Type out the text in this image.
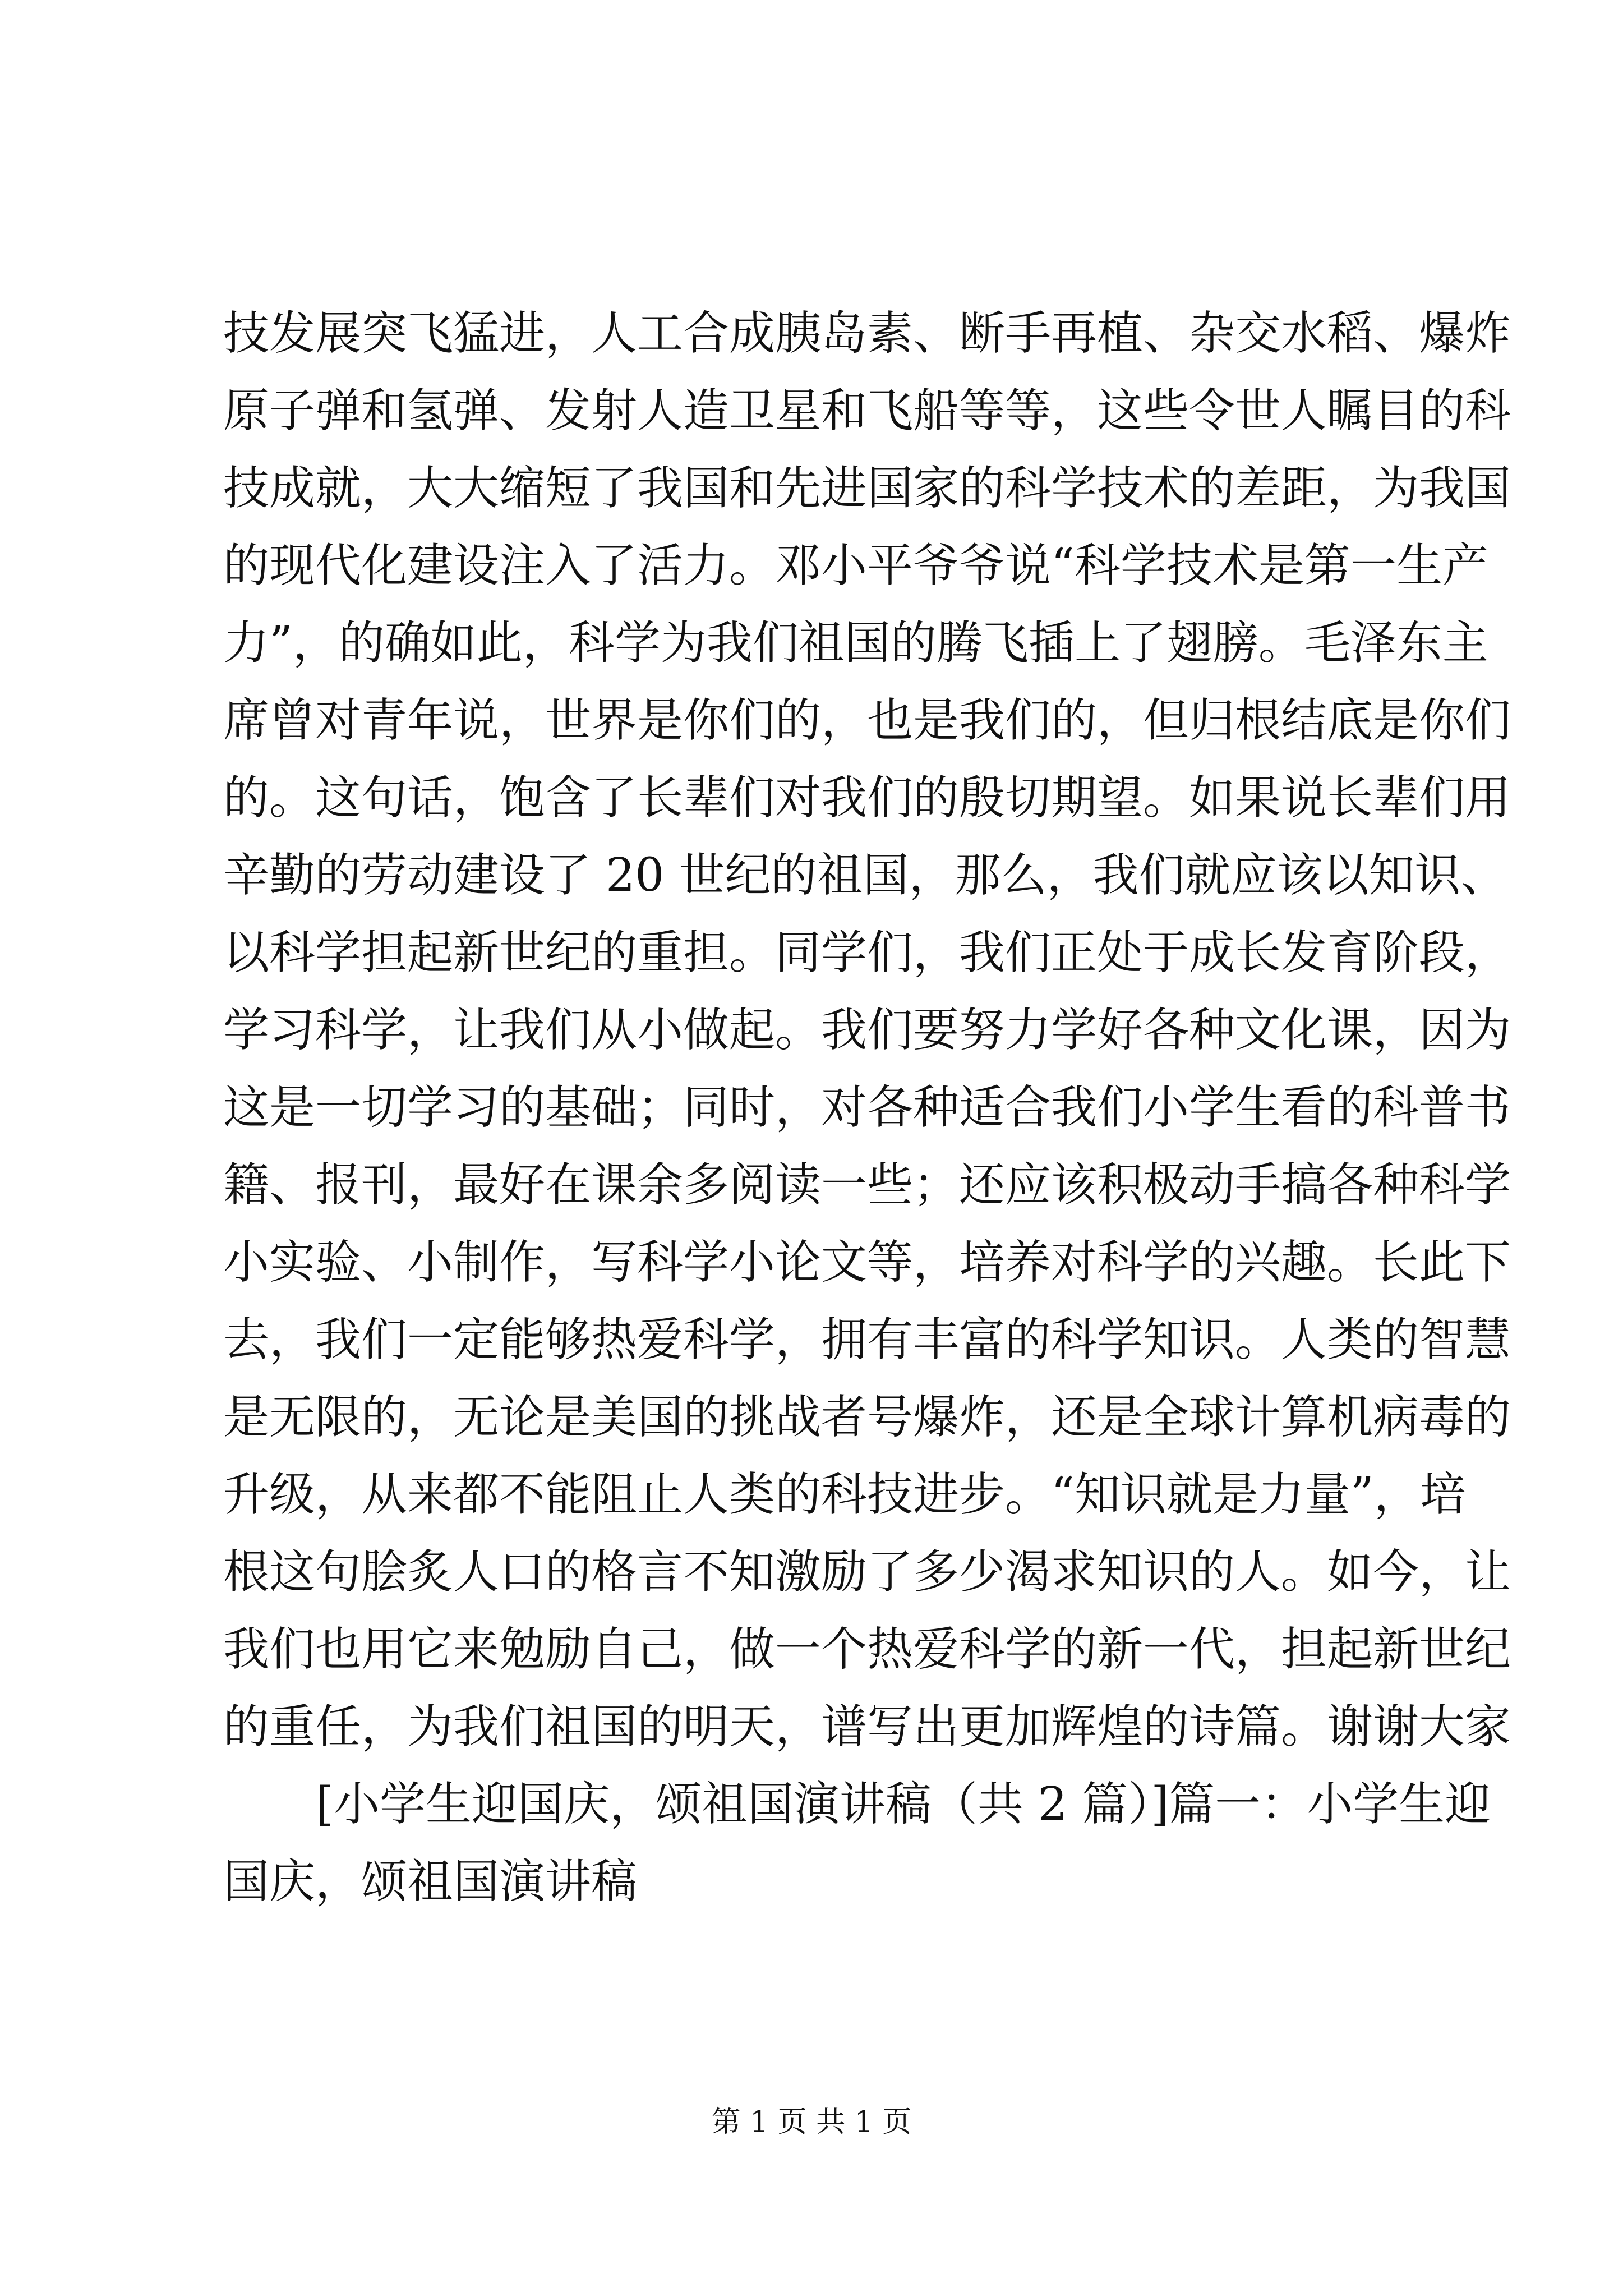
技发展突飞猛进，人工合成胰岛素、断手再植、杂交水稻、爆炸
原子弹和氢弹、发射人造卫星和飞船等等，这些令世人瞩目的科
技成就，大大缩短了我国和先进国家的科学技术的差距，为我国
的现代化建设注入了活力。邓小平爷爷说“科学技术是第一生产
力”，的确如此，科学为我们祖国的腾飞插上了翅膀。毛泽东主
席曾对青年说，世界是你们的，也是我们的，但归根结底是你们
的。这句话，饱含了长辈们对我们的殷切期望。如果说长辈们用
辛勤的劳动建设了 20 世纪的祖国，那么，我们就应该以知识、
以科学担起新世纪的重担。同学们，我们正处于成长发育阶段，
学习科学，让我们从小做起。我们要努力学好各种文化课，因为
这是一切学习的基础；同时，对各种适合我们小学生看的科普书
籍、报刊，最好在课余多阅读一些；还应该积极动手搞各种科学
小实验、小制作，写科学小论文等，培养对科学的兴趣。长此下
去，我们一定能够热爱科学，拥有丰富的科学知识。人类的智慧
是无限的，无论是美国的挑战者号爆炸，还是全球计算机病毒的
升级，从来都不能阻止人类的科技进步。“知识就是力量”，培
根这句脍炙人口的格言不知激励了多少渴求知识的人。如今，让
我们也用它来勉励自己，做一个热爱科学的新一代，担起新世纪
的重任，为我们祖国的明天，谱写出更加辉煌的诗篇。谢谢大家
[小学生迎国庆，颂祖国演讲稿（共 2 篇）]篇一：小学生迎
国庆，颂祖国演讲稿
第 1 页 共 1 页
